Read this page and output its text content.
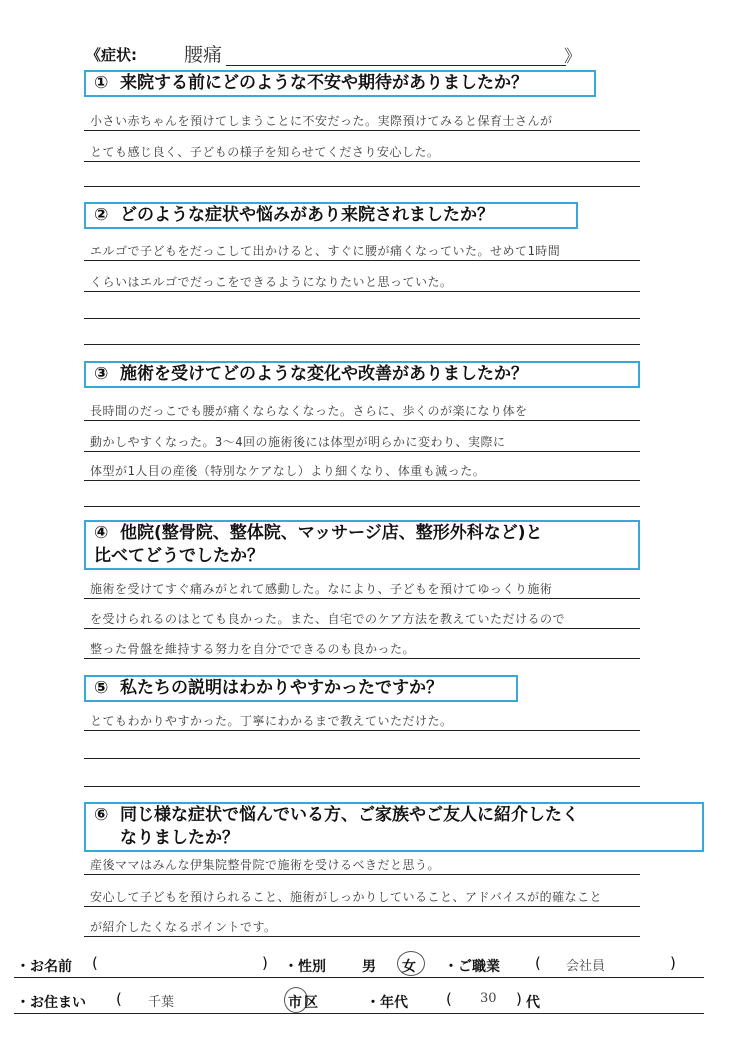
《症状: 腰痛	》
① 来院する前にどのような不安や期待がありましたか？
小さい赤ちゃんを預けてしまうことに不安だった。実際預けてみると保育士さんが
とても感じ良く、子どもの様子を知らせてくださり安心した。
② どのような症状や悩みがあり来院されましたか？
エルゴで子どもをだっこして出かけると、すぐに腰が痛くなっていた。せめて1時間
くらいはエルゴでだっこをできるようになりたいと思っていた。
③ 施術を受けてどのような変化や改善がありましたか？
長時間のだっこでも腰が痛くならなくなった。さらに、歩くのが楽になり体を
動かしやすくなった。3〜4回の施術後には体型が明らかに変わり、実際に
体型が1人目の産後（特別なケアなし）より細くなり、体重も減った。
④ 他院(整骨院、整体院、マッサージ店、整形外科など)と
比べてどうでしたか？
施術を受けてすぐ痛みがとれて感動した。なにより、子どもを預けてゆっくり施術
を受けられるのはとても良かった。また、自宅でのケア方法を教えていただけるので
整った骨盤を維持する努力を自分でできるのも良かった。
⑤ 私たちの説明はわかりやすかったですか？
とてもわかりやすかった。丁寧にわかるまで教えていただけた。
⑥ 同じ様な症状で悩んでいる方、ご家族やご友人に紹介したく
なりましたか？
産後ママはみんな伊集院整骨院で施術を受けるべきだと思う。
安心して子どもを預けられること、施術がしっかりしていること、アドバイスが的確なこと
が紹介したくなるポイントです。
・お名前 (	) ・性別	男 女 ・ご職業 ( 会社員	)
・お住まい ( 千葉	市 区	・年代	( 30 ) 代
